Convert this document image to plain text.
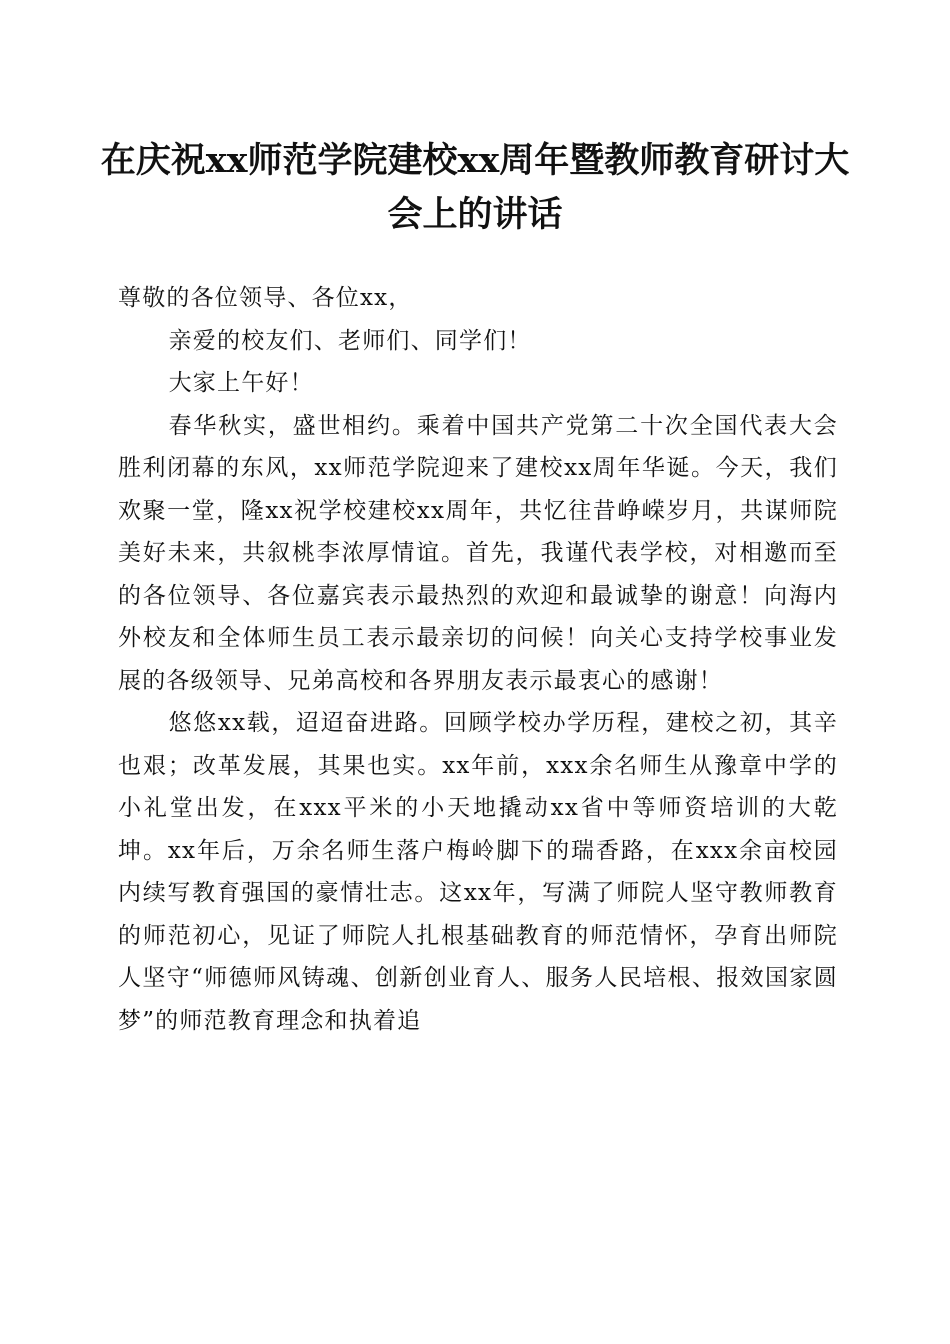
在庆祝xx师范学院建校xx周年暨教师教育研讨大会上的讲话

尊敬的各位领导、各位xx，

亲爱的校友们、老师们、同学们！

大家上午好！

春华秋实，盛世相约。乘着中国共产党第二十次全国代表大会胜利闭幕的东风，xx师范学院迎来了建校xx周年华诞。今天，我们欢聚一堂，隆xx祝学校建校xx周年，共忆往昔峥嵘岁月，共谋师院美好未来，共叙桃李浓厚情谊。首先，我谨代表学校，对相邀而至的各位领导、各位嘉宾表示最热烈的欢迎和最诚挚的谢意！向海内外校友和全体师生员工表示最亲切的问候！向关心支持学校事业发展的各级领导、兄弟高校和各界朋友表示最衷心的感谢！

悠悠xx载，迢迢奋进路。回顾学校办学历程，建校之初，其辛也艰；改革发展，其果也实。xx年前，xxx余名师生从豫章中学的小礼堂出发，在xxx平米的小天地撬动xx省中等师资培训的大乾坤。xx年后，万余名师生落户梅岭脚下的瑞香路，在xxx余亩校园内续写教育强国的豪情壮志。这xx年，写满了师院人坚守教师教育的师范初心，见证了师院人扎根基础教育的师范情怀，孕育出师院人坚守“师德师风铸魂、创新创业育人、服务人民培根、报效国家圆梦”的师范教育理念和执着追
